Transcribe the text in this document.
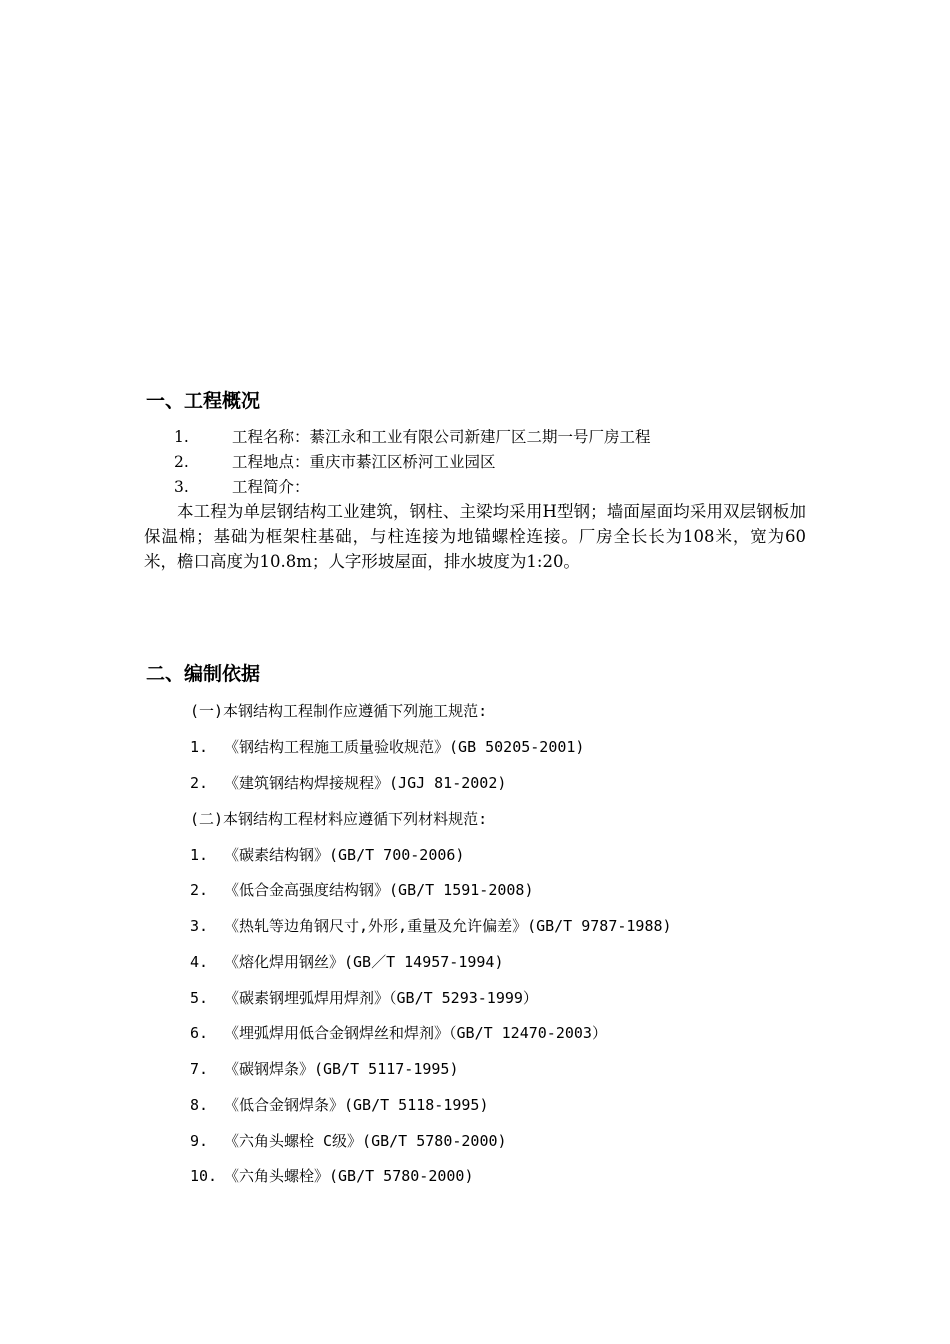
一、工程概况
1.	工程名称：綦江永和工业有限公司新建厂区二期一号厂房工程
2.	工程地点：重庆市綦江区桥河工业园区
3.	工程简介：
本工程为单层钢结构工业建筑，钢柱、主梁均采用H型钢；墙面屋面均采用双层钢板加保温棉；基础为框架柱基础，与柱连接为地锚螺栓连接。厂房全长长为108米，宽为60米，檐口高度为10.8m；人字形坡屋面，排水坡度为1:20。
二、编制依据
(一)本钢结构工程制作应遵循下列施工规范:
1. 《钢结构工程施工质量验收规范》(GB 50205-2001)
2. 《建筑钢结构焊接规程》(JGJ 81-2002)
(二)本钢结构工程材料应遵循下列材料规范:
1. 《碳素结构钢》(GB/T 700-2006)
2. 《低合金高强度结构钢》(GB/T 1591-2008)
3. 《热轧等边角钢尺寸,外形,重量及允许偏差》(GB/T 9787-1988)
4. 《熔化焊用钢丝》(GB／T 14957-1994)
5. 《碳素钢埋弧焊用焊剂》（GB/T 5293-1999）
6. 《埋弧焊用低合金钢焊丝和焊剂》（GB/T 12470-2003）
7. 《碳钢焊条》(GB/T 5117-1995)
8. 《低合金钢焊条》(GB/T 5118-1995)
9. 《六角头螺栓 C级》(GB/T 5780-2000)
10. 《六角头螺栓》(GB/T 5780-2000)
